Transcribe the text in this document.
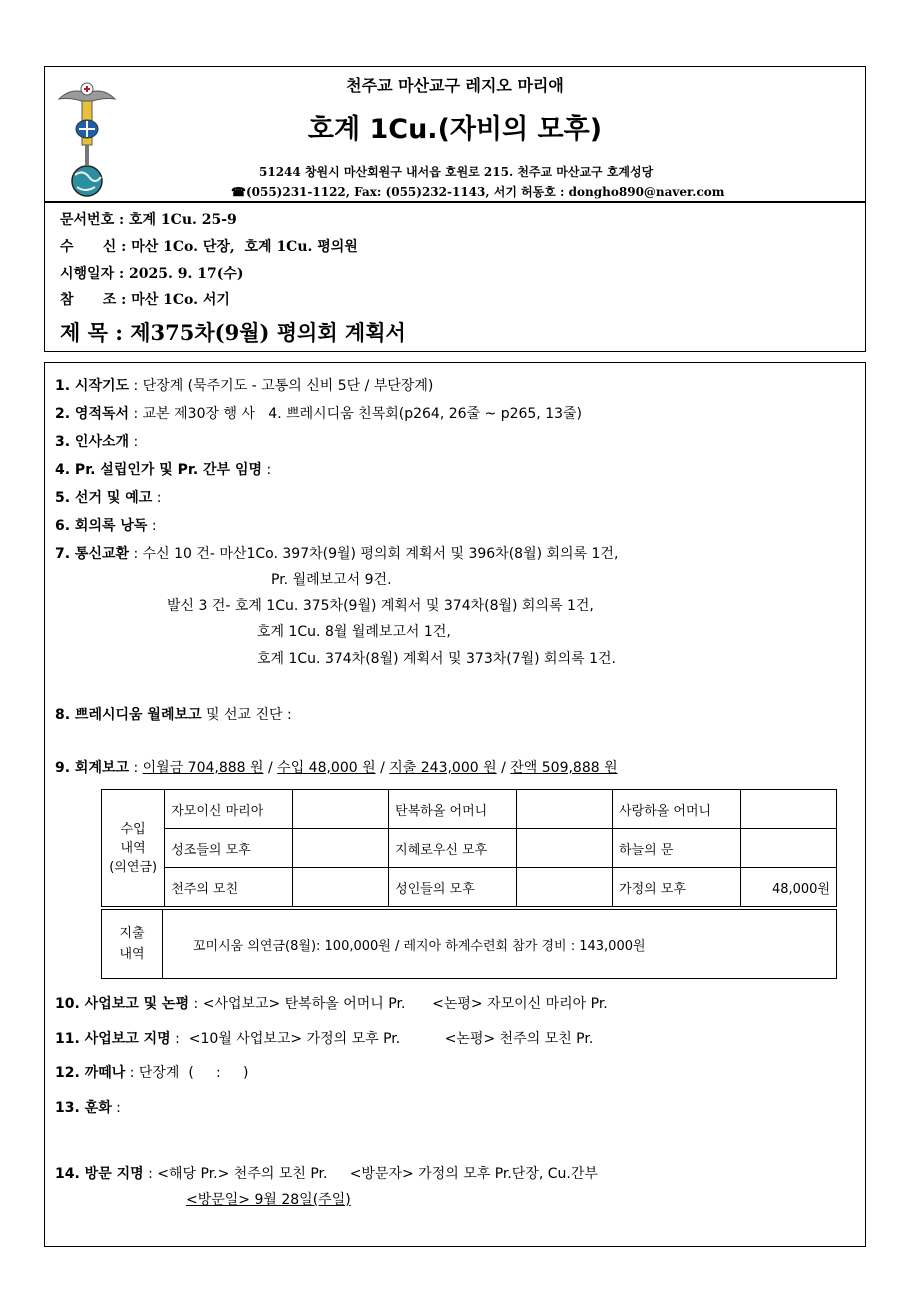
천주교 마산교구 레지오 마리애
호계 1Cu.(자비의 모후)
51244 창원시 마산회원구 내서읍 호원로 215. 천주교 마산교구 호계성당
☎(055)231-1122, Fax: (055)232-1143, 서기 허동호 : dongho890@naver.com
문서번호 : 호계 1Cu. 25-9
수      신 : 마산 1Co. 단장,  호계 1Cu. 평의원
시행일자 : 2025. 9. 17(수)
참      조 : 마산 1Co. 서기
제 목 : 제375차(9월) 평의회 계획서
1. 시작기도 : 단장계 (묵주기도 - 고통의 신비 5단 / 부단장계)
2. 영적독서 : 교본 제30장 행 사   4. 쁘레시디움 친목회(p264, 26줄 ~ p265, 13줄)
3. 인사소개 :
4. Pr. 설립인가 및 Pr. 간부 임명 :
5. 선거 및 예고 :
6. 회의록 낭독 :
7. 통신교환 : 수신 10 건- 마산1Co. 397차(9월) 평의회 계획서 및 396차(8월) 회의록 1건,
Pr. 월례보고서 9건.
발신 3 건- 호계 1Cu. 375차(9월) 계획서 및 374차(8월) 회의록 1건,
호계 1Cu. 8월 월례보고서 1건,
호계 1Cu. 374차(8월) 계획서 및 373차(7월) 회의록 1건.
8. 쁘레시디움 월례보고 및 선교 진단 :
9. 회계보고 : 이월금 704,888 원 / 수입 48,000 원 / 지출 243,000 원 / 잔액 509,888 원
수입
내역
(의연금)	자모이신 마리아		탄복하올 어머니		사랑하올 어머니	
	성조들의 모후		지혜로우신 모후		하늘의 문	
	천주의 모친		성인들의 모후		가정의 모후	48,000원
지출
내역	꼬미시움 의연금(8월): 100,000원 / 레지아 하계수련회 참가 경비 : 143,000원
10. 사업보고 및 논평 : <사업보고> 탄복하올 어머니 Pr.      <논평> 자모이신 마리아 Pr.
11. 사업보고 지명 :  <10월 사업보고> 가정의 모후 Pr.          <논평> 천주의 모친 Pr.
12. 까떼나 : 단장계  (     :     )
13. 훈화 :
14. 방문 지명 : <해당 Pr.> 천주의 모친 Pr.     <방문자> 가정의 모후 Pr.단장, Cu.간부
<방문일> 9월 28일(주일)
